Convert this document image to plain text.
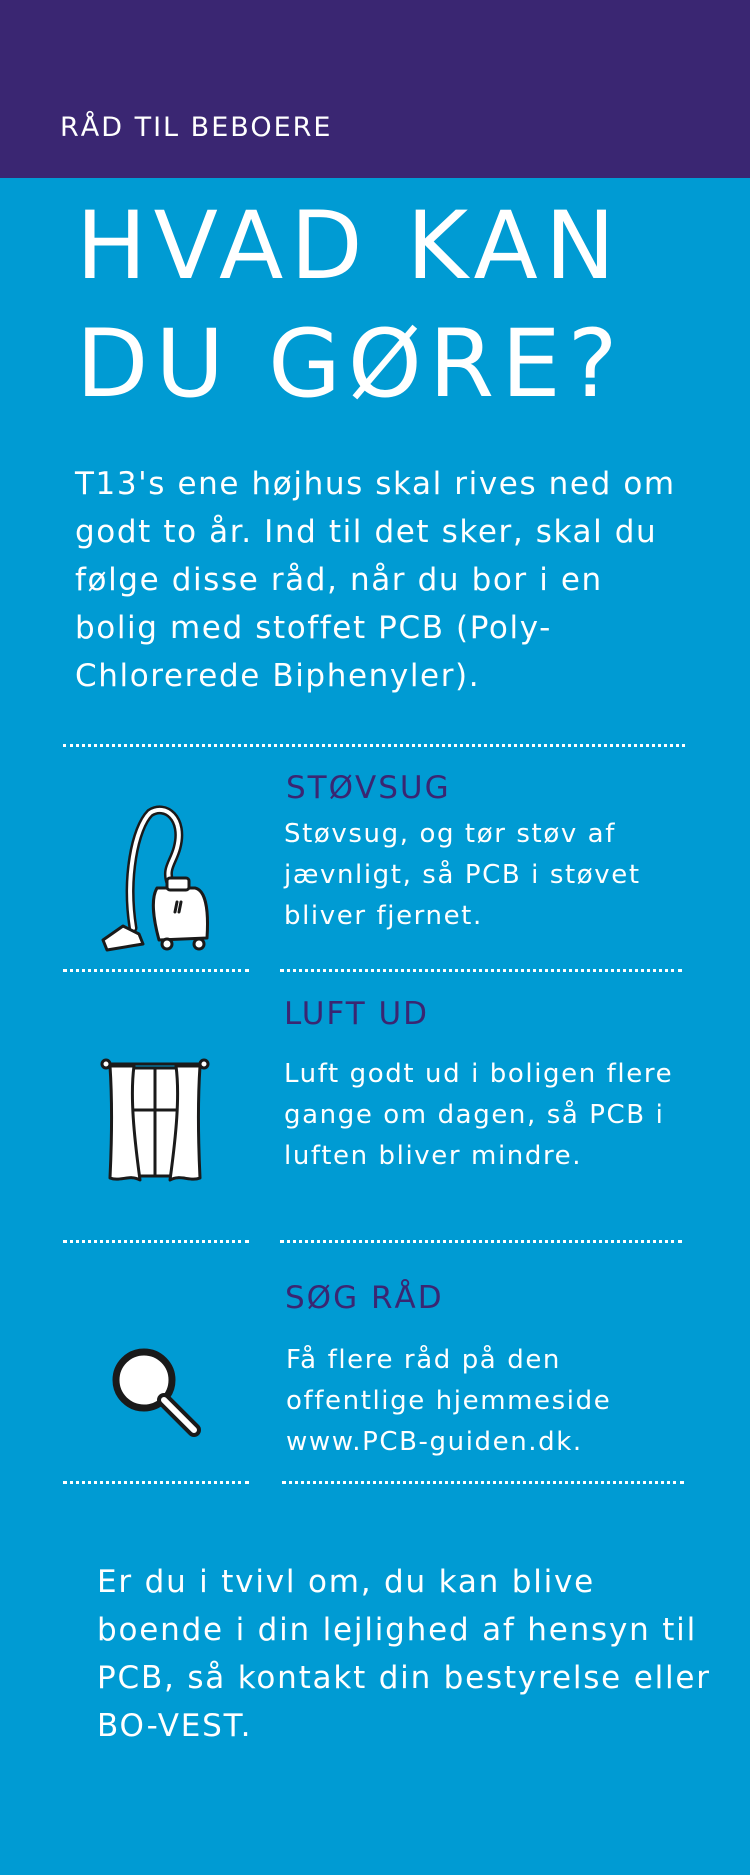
RÅD TIL BEBOERE
HVAD KAN
DU GØRE?

T13's ene højhus skal rives ned om godt to år. Ind til det sker, skal du følge disse råd, når du bor i en bolig med stoffet PCB (Poly-Chlorerede Biphenyler).

STØVSUG

Støvsug, og tør støv af jævnligt, så PCB i støvet bliver fjernet.

LUFT UD

Luft godt ud i boligen flere gange om dagen, så PCB i luften bliver mindre.

SØG RÅD

Få flere råd på den offentlige hjemmeside www.PCB-guiden.dk.

Er du i tvivl om, du kan blive boende i din lejlighed af hensyn til PCB, så kontakt din bestyrelse eller BO-VEST.
